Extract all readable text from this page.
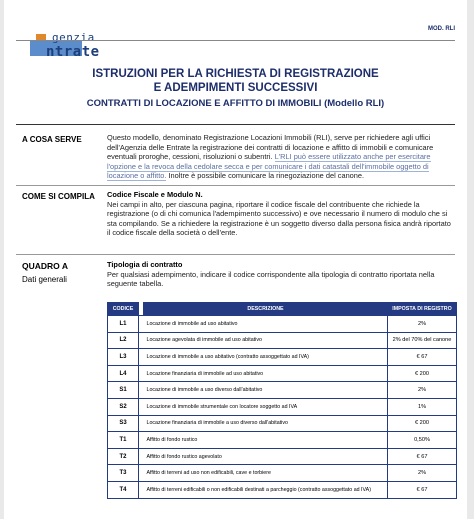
genzia
ntrate
MOD. RLI
ISTRUZIONI PER LA RICHIESTA DI REGISTRAZIONE
E ADEMPIMENTI SUCCESSIVI
CONTRATTI DI LOCAZIONE E AFFITTO DI IMMOBILI (Modello RLI)
A COSA SERVE	Questo modello, denominato Registrazione Locazioni Immobili (RLI), serve per richiedere agli uffici dell'Agenzia delle Entrate la registrazione dei contratti di locazione e affitto di immobili e comunicare eventuali proroghe, cessioni, risoluzioni o subentri. L'RLI può essere utilizzato anche per esercitare l'opzione e la revoca della cedolare secca e per comunicare i dati catastali dell'immobile oggetto di locazione o affitto. Inoltre è possibile comunicare la rinegoziazione del canone.
COME SI COMPILA Codice Fiscale e Modulo N.
Nei campi in alto, per ciascuna pagina, riportare il codice fiscale del contribuente che richiede la registrazione (o di chi comunica l'adempimento successivo) e ove necessario il numero di modulo che si sta compilando. Se a richiedere la registrazione è un soggetto diverso dalla persona fisica andrà riportato il codice fiscale della società o dell'ente.
QUADRO A
Dati generali
Tipologia di contratto
Per qualsiasi adempimento, indicare il codice corrispondente alla tipologia di contratto riportata nella seguente tabella.
CODICE		DESCRIZIONE	IMPOSTA DI REGISTRO
L1		Locazione di immobile ad uso abitativo	2%
L2		Locazione agevolata di immobile ad uso abitativo	2% del 70% del canone
L3		Locazione di immobile a uso abitativo (contratto assoggettato ad IVA)	€ 67
L4		Locazione finanziaria di immobile ad uso abitativo	€ 200
S1		Locazione di immobile a uso diverso dall'abitativo	2%
S2		Locazione di immobile strumentale con locatore soggetto ad IVA	1%
S3		Locazione finanziaria di immobile a uso diverso dall'abitativo	€ 200
T1		Affitto di fondo rustico	0,50%
T2		Affitto di fondo rustico agevolato	€ 67
T3		Affitto di terreni ad uso non edificabili, cave e torbiere	2%
T4		Affitto di terreni edificabili o non edificabili destinati a parcheggio (contratto assoggettato ad IVA)	€ 67
